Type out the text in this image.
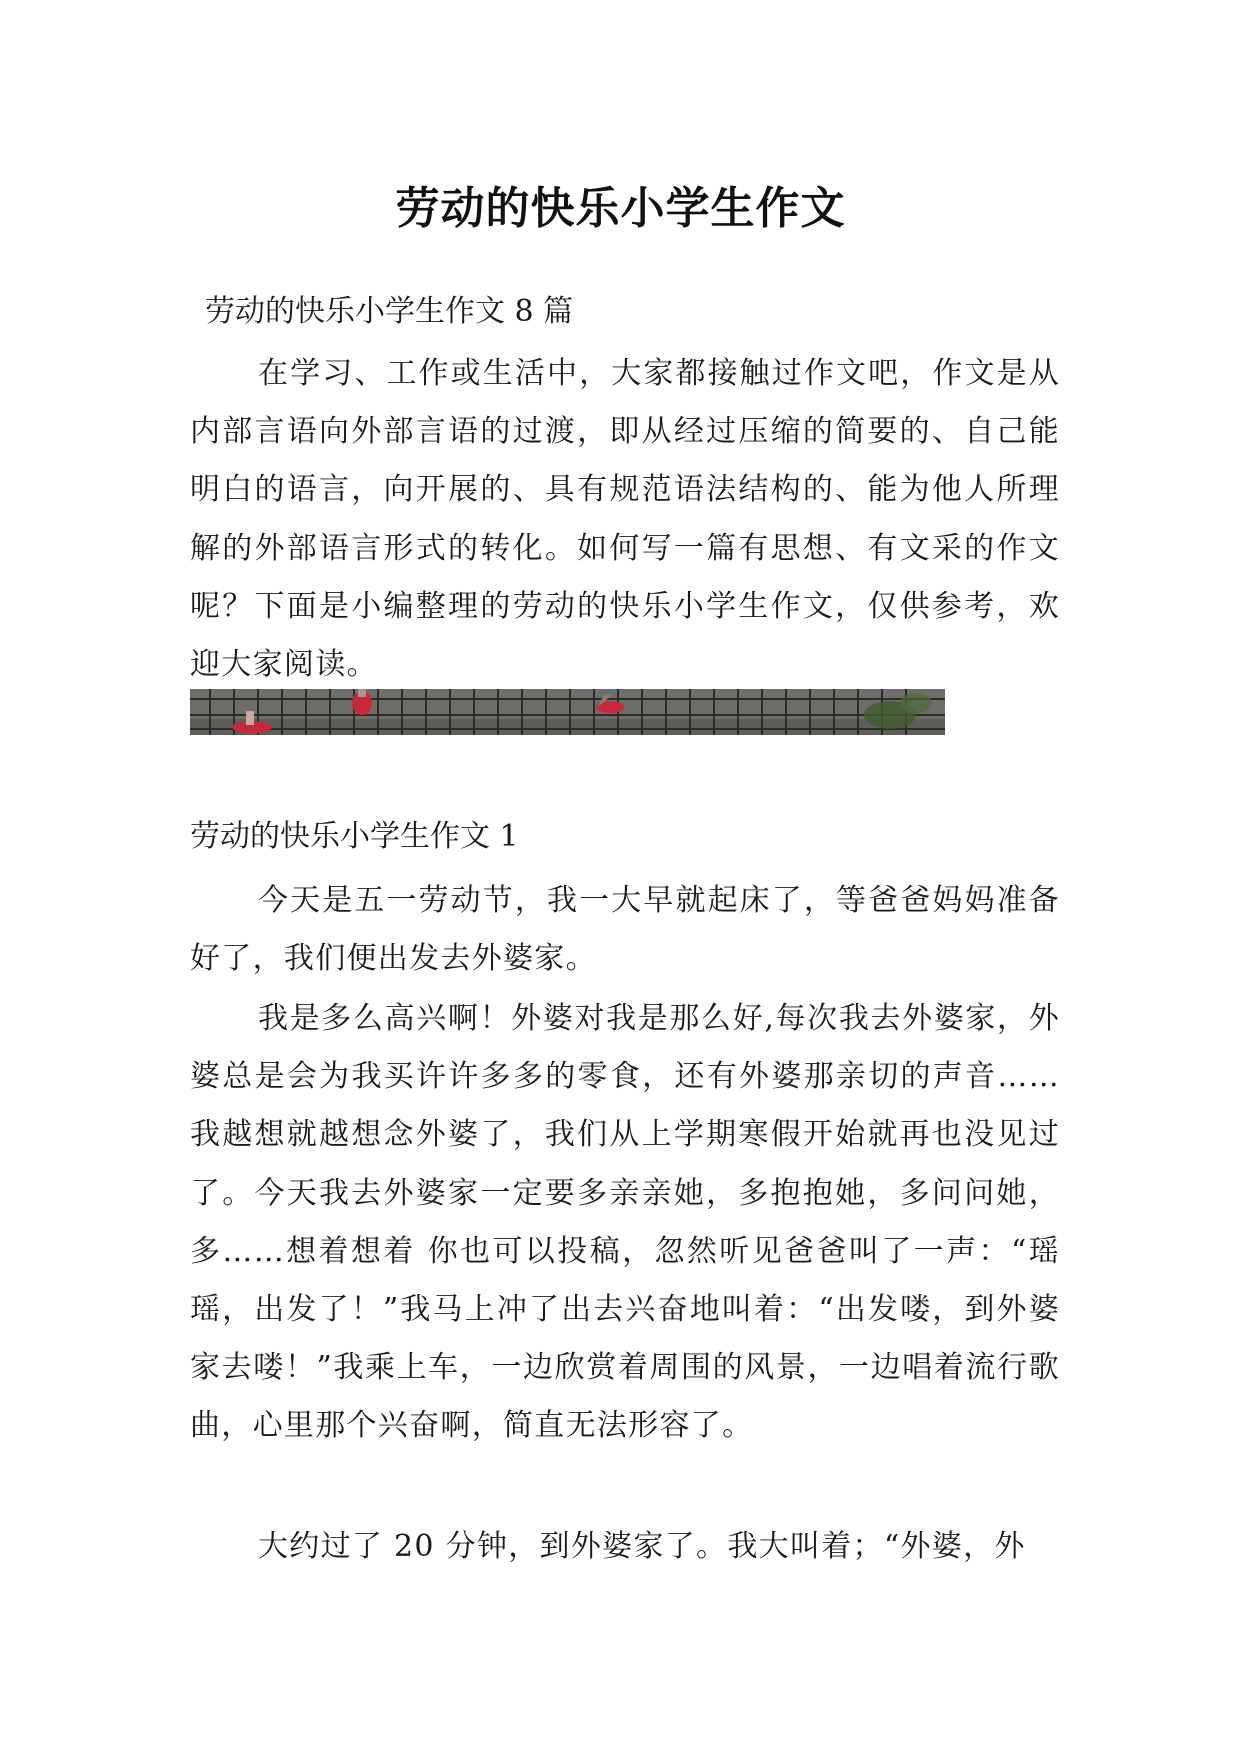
劳动的快乐小学生作文
劳动的快乐小学生作文 8 篇

在学习、工作或生活中，大家都接触过作文吧，作文是从内部言语向外部言语的过渡，即从经过压缩的简要的、自己能明白的语言，向开展的、具有规范语法结构的、能为他人所理解的外部语言形式的转化。如何写一篇有思想、有文采的作文呢？下面是小编整理的劳动的快乐小学生作文，仅供参考，欢迎大家阅读。

劳动的快乐小学生作文 1

今天是五一劳动节，我一大早就起床了，等爸爸妈妈准备好了，我们便出发去外婆家。

我是多么高兴啊！外婆对我是那么好,每次我去外婆家，外婆总是会为我买许许多多的零食，还有外婆那亲切的声音……我越想就越想念外婆了，我们从上学期寒假开始就再也没见过了。今天我去外婆家一定要多亲亲她，多抱抱她，多问问她，多……想着想着 你也可以投稿，忽然听见爸爸叫了一声：“瑶瑶，出发了！”我马上冲了出去兴奋地叫着：“出发喽，到外婆家去喽！”我乘上车，一边欣赏着周围的风景，一边唱着流行歌曲，心里那个兴奋啊，简直无法形容了。

大约过了 20 分钟，到外婆家了。我大叫着；“外婆，外
